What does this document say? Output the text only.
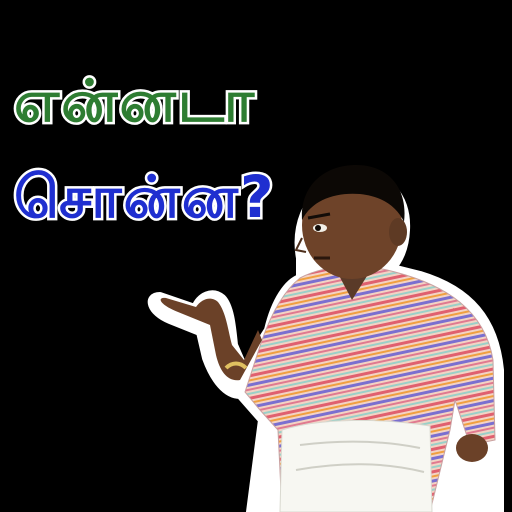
என்னடா
சொன்ன?
